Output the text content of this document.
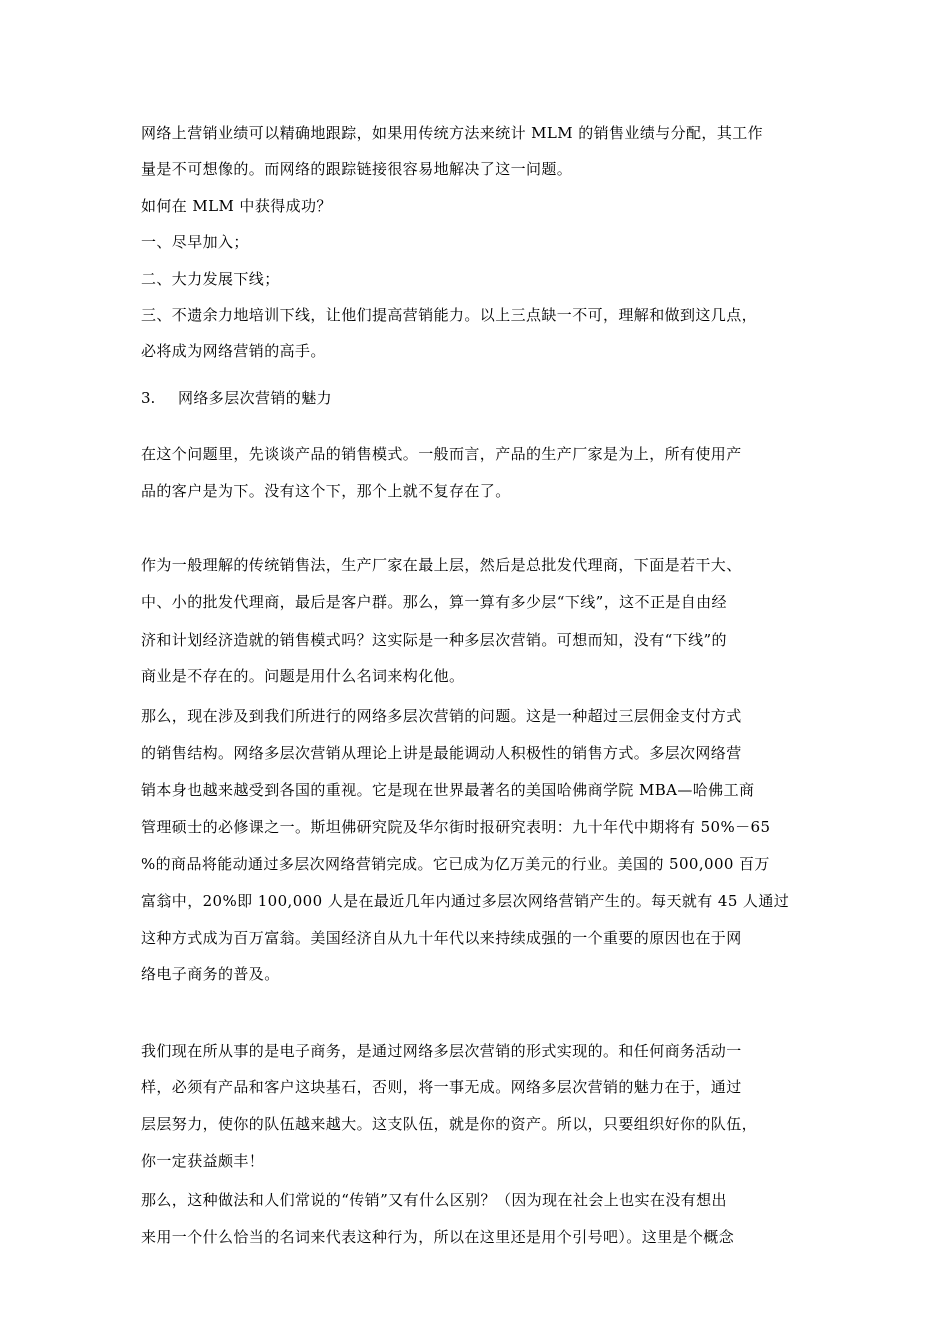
网络上营销业绩可以精确地跟踪，如果用传统方法来统计 MLM 的销售业绩与分配，其工作
量是不可想像的。而网络的跟踪链接很容易地解决了这一问题。
如何在 MLM 中获得成功？
一、尽早加入；
二、大力发展下线；
三、不遗余力地培训下线，让他们提高营销能力。以上三点缺一不可，理解和做到这几点，
必将成为网络营销的高手。
3. 网络多层次营销的魅力
在这个问题里，先谈谈产品的销售模式。一般而言，产品的生产厂家是为上，所有使用产
品的客户是为下。没有这个下，那个上就不复存在了。
作为一般理解的传统销售法，生产厂家在最上层，然后是总批发代理商，下面是若干大、
中、小的批发代理商，最后是客户群。那么，算一算有多少层“下线”，这不正是自由经
济和计划经济造就的销售模式吗？这实际是一种多层次营销。可想而知，没有“下线”的
商业是不存在的。问题是用什么名词来构化他。
那么，现在涉及到我们所进行的网络多层次营销的问题。这是一种超过三层佣金支付方式
的销售结构。网络多层次营销从理论上讲是最能调动人积极性的销售方式。多层次网络营
销本身也越来越受到各国的重视。它是现在世界最著名的美国哈佛商学院 MBA—哈佛工商
管理硕士的必修课之一。斯坦佛研究院及华尔街时报研究表明：九十年代中期将有 50%－65
%的商品将能动通过多层次网络营销完成。它已成为亿万美元的行业。美国的 500,000 百万
富翁中，20%即 100,000 人是在最近几年内通过多层次网络营销产生的。每天就有 45 人通过
这种方式成为百万富翁。美国经济自从九十年代以来持续成强的一个重要的原因也在于网
络电子商务的普及。
我们现在所从事的是电子商务，是通过网络多层次营销的形式实现的。和任何商务活动一
样，必须有产品和客户这块基石，否则，将一事无成。网络多层次营销的魅力在于，通过
层层努力，使你的队伍越来越大。这支队伍，就是你的资产。所以，只要组织好你的队伍，
你一定获益颇丰！
那么，这种做法和人们常说的“传销”又有什么区别？（因为现在社会上也实在没有想出
来用一个什么恰当的名词来代表这种行为，所以在这里还是用个引号吧）。这里是个概念
